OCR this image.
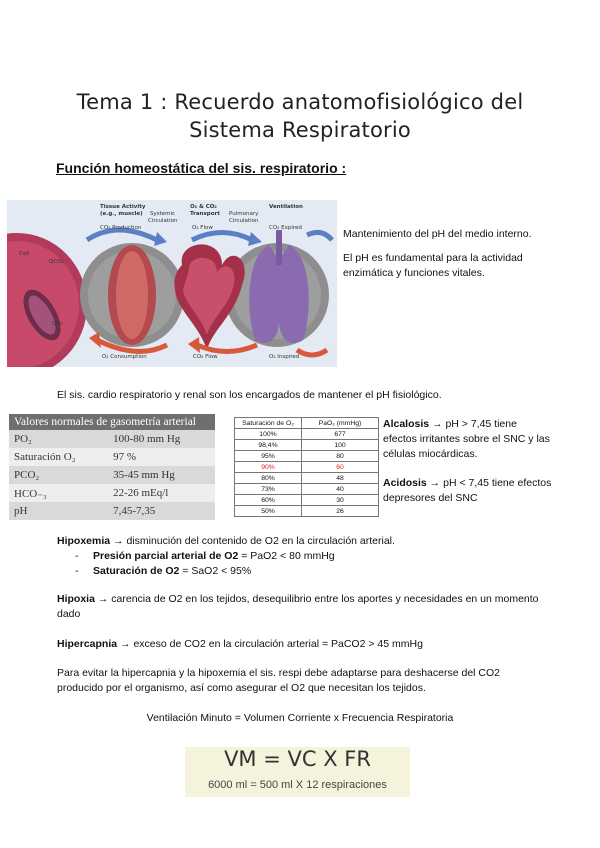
Tema 1 : Recuerdo anatomofisiológico del
Sistema Respiratorio
Función homeostática del sis. respiratorio :
Tissue Activity
(e.g., muscle) Systemic
Circulation
O₂ & CO₂
Transport Pulmonary
Circulation
Ventilation
CO₂ Production	O₂ Flow	CO₂ Expired
Cell
QCO₂
QO₂
O₂ Consumption	CO₂ Flow	O₂ Inspired
Mantenimiento del pH del medio interno.
El pH es fundamental para la actividad enzimática y funciones vitales.
El sis. cardio respiratorio y renal son los encargados de mantener el pH fisiológico.
Valores normales de gasometría arterial	
PO₂	100-80 mm Hg
Saturación O₂	97 %
PCO₂	35-45 mm Hg
HCO₋₃	22-26 mEq/l
pH	7,45-7,35
Saturación de O₂	PaO₂ (mmHg)
100%	677
98,4%	100
95%	80
90%	60
80%	48
73%	40
60%	30
50%	26
Alcalosis → pH > 7,45 tiene efectos irritantes sobre el SNC y las células miocárdicas.
Acidosis → pH < 7,45 tiene efectos depresores del SNC
Hipoxemia → disminución del contenido de O2 en la circulación arterial.
- Presión parcial arterial de O2 = PaO2 < 80 mmHg
- Saturación de O2 = SaO2 < 95%
Hipoxia → carencia de O2 en los tejidos, desequilibrio entre los aportes y necesidades en un momento dado
Hipercapnia → exceso de CO2 en la circulación arterial = PaCO2 > 45 mmHg
Para evitar la hipercapnia y la hipoxemia el sis. respi debe adaptarse para deshacerse del CO2 producido por el organismo, así como asegurar el O2 que necesitan los tejidos.
Ventilación Minuto = Volumen Corriente x Frecuencia Respiratoria
VM = VC X FR
6000 ml = 500 ml X 12 respiraciones
